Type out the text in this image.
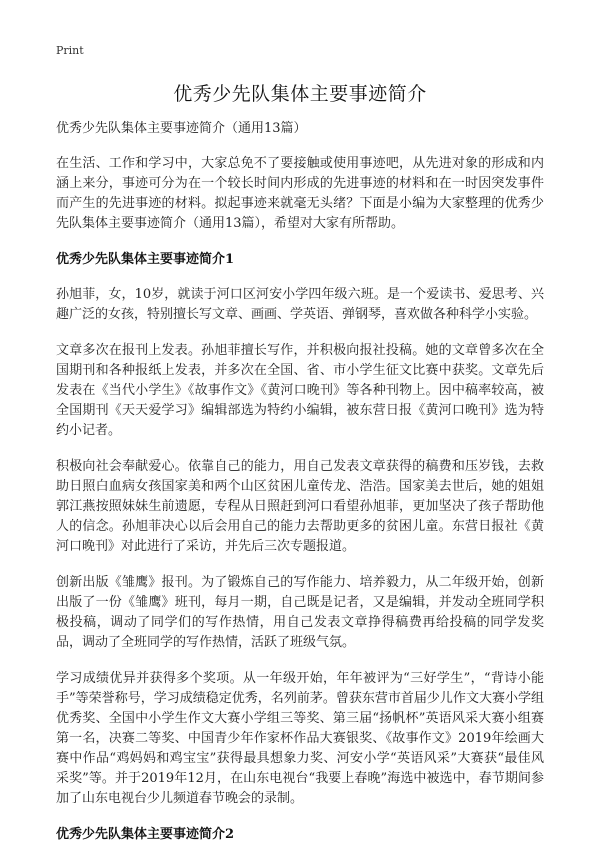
Print
优秀少先队集体主要事迹简介
优秀少先队集体主要事迹简介（通用13篇）

在生活、工作和学习中，大家总免不了要接触或使用事迹吧，从先进对象的形成和内涵上来分，事迹可分为在一个较长时间内形成的先进事迹的材料和在一时因突发事件而产生的先进事迹的材料。拟起事迹来就毫无头绪？下面是小编为大家整理的优秀少先队集体主要事迹简介（通用13篇），希望对大家有所帮助。

优秀少先队集体主要事迹简介1

孙旭菲，女，10岁，就读于河口区河安小学四年级六班。是一个爱读书、爱思考、兴趣广泛的女孩，特别擅长写文章、画画、学英语、弹钢琴，喜欢做各种科学小实验。

文章多次在报刊上发表。孙旭菲擅长写作，并积极向报社投稿。她的文章曾多次在全国期刊和各种报纸上发表，并多次在全国、省、市小学生征文比赛中获奖。文章先后发表在《当代小学生》《故事作文》《黄河口晚刊》等各种刊物上。因中稿率较高，被全国期刊《天天爱学习》编辑部选为特约小编辑，被东营日报《黄河口晚刊》选为特约小记者。

积极向社会奉献爱心。依靠自己的能力，用自己发表文章获得的稿费和压岁钱，去救助日照白血病女孩国家美和两个山区贫困儿童传龙、浩浩。国家美去世后，她的姐姐郭江燕按照妹妹生前遗愿，专程从日照赶到河口看望孙旭菲，更加坚决了孩子帮助他人的信念。孙旭菲决心以后会用自己的能力去帮助更多的贫困儿童。东营日报社《黄河口晚刊》对此进行了采访，并先后三次专题报道。

创新出版《雏鹰》报刊。为了锻炼自己的写作能力、培养毅力，从二年级开始，创新出版了一份《雏鹰》班刊，每月一期，自己既是记者，又是编辑，并发动全班同学积极投稿，调动了同学们的写作热情，用自己发表文章挣得稿费再给投稿的同学发奖品，调动了全班同学的写作热情，活跃了班级气氛。

学习成绩优异并获得多个奖项。从一年级开始，年年被评为“三好学生”，“背诗小能手”等荣誉称号，学习成绩稳定优秀，名列前茅。曾获东营市首届少儿作文大赛小学组优秀奖、全国中小学生作文大赛小学组三等奖、第三届“扬帆杯”英语风采大赛小组赛第一名，决赛二等奖、中国青少年作家杯作品大赛银奖、《故事作文》2019年绘画大赛中作品“鸡妈妈和鸡宝宝”获得最具想象力奖、河安小学“英语风采”大赛获“最佳风采奖”等。并于2019年12月，在山东电视台“我要上春晚”海选中被选中，春节期间参加了山东电视台少儿频道春节晚会的录制。

优秀少先队集体主要事迹简介2
